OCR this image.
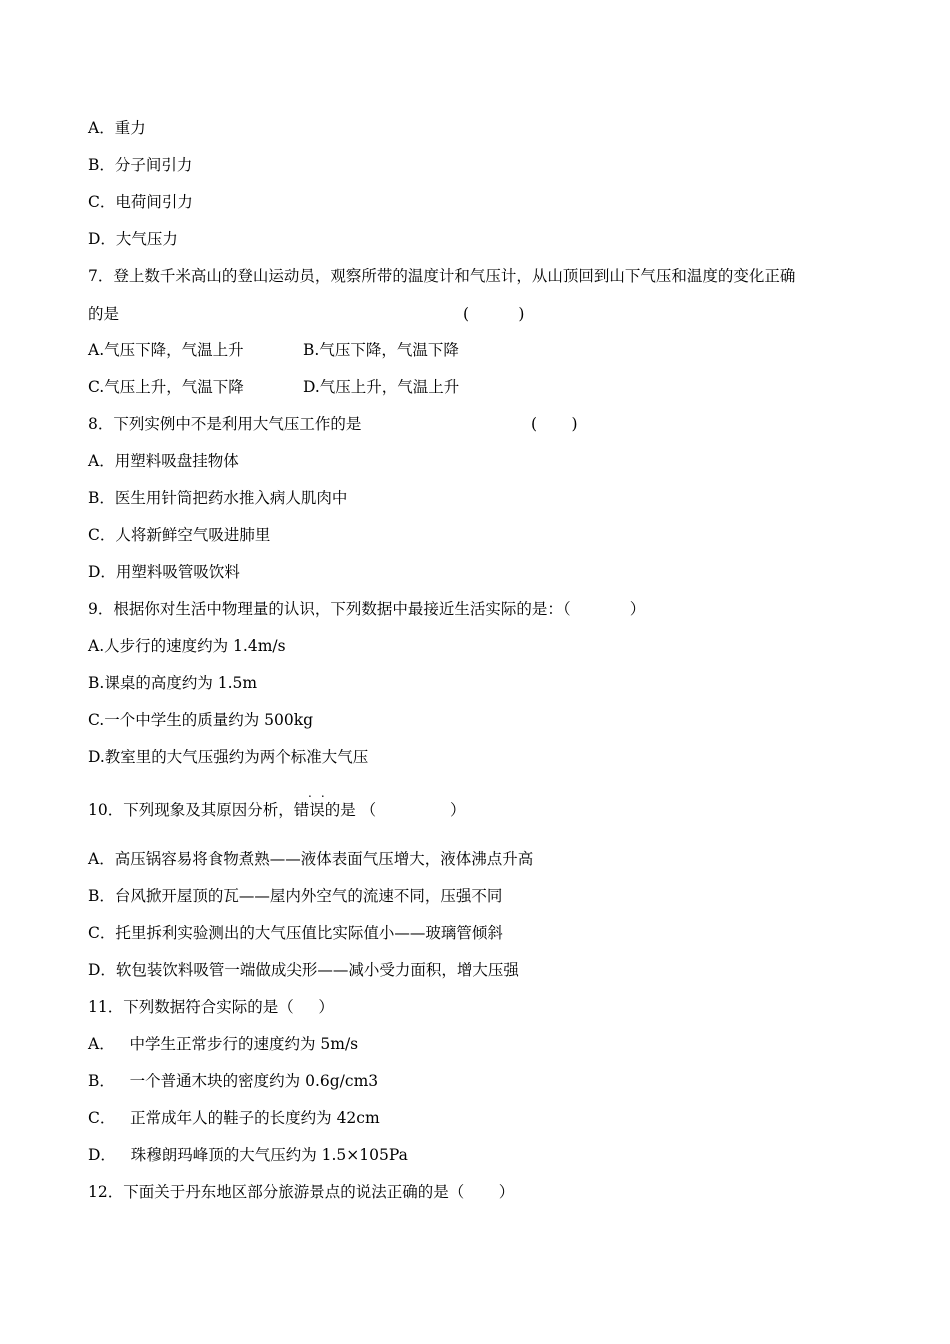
A．重力
B．分子间引力
C．电荷间引力
D．大气压力
7．登上数千米高山的登山运动员，观察所带的温度计和气压计，从山顶回到山下气压和温度的变化正确
的是	(          )
A.气压下降，气温上升	B.气压下降，气温下降
C.气压上升，气温下降	D.气压上升，气温上升
8．下列实例中不是利用大气压工作的是	(       )
A．用塑料吸盘挂物体
B．医生用针筒把药水推入病人肌肉中
C．人将新鲜空气吸进肺里
D．用塑料吸管吸饮料
9．根据你对生活中物理量的认识，下列数据中最接近生活实际的是：（            ）
A.人步行的速度约为 1.4m/s
B.课桌的高度约为 1.5m
C.一个中学生的质量约为 500kg
D.教室里的大气压强约为两个标准大气压
..
10．下列现象及其原因分析，错误的是 （               ）
A．高压锅容易将食物煮熟——液体表面气压增大，液体沸点升高
B．台风掀开屋顶的瓦——屋内外空气的流速不同，压强不同
C．托里拆利实验测出的大气压值比实际值小——玻璃管倾斜
D．软包装饮料吸管一端做成尖形——减小受力面积，增大压强
11．下列数据符合实际的是（     ）
A．   中学生正常步行的速度约为 5m/s
B．   一个普通木块的密度约为 0.6g/cm3
C．   正常成年人的鞋子的长度约为 42cm
D．   珠穆朗玛峰顶的大气压约为 1.5×105Pa
12．下面关于丹东地区部分旅游景点的说法正确的是（       ）
